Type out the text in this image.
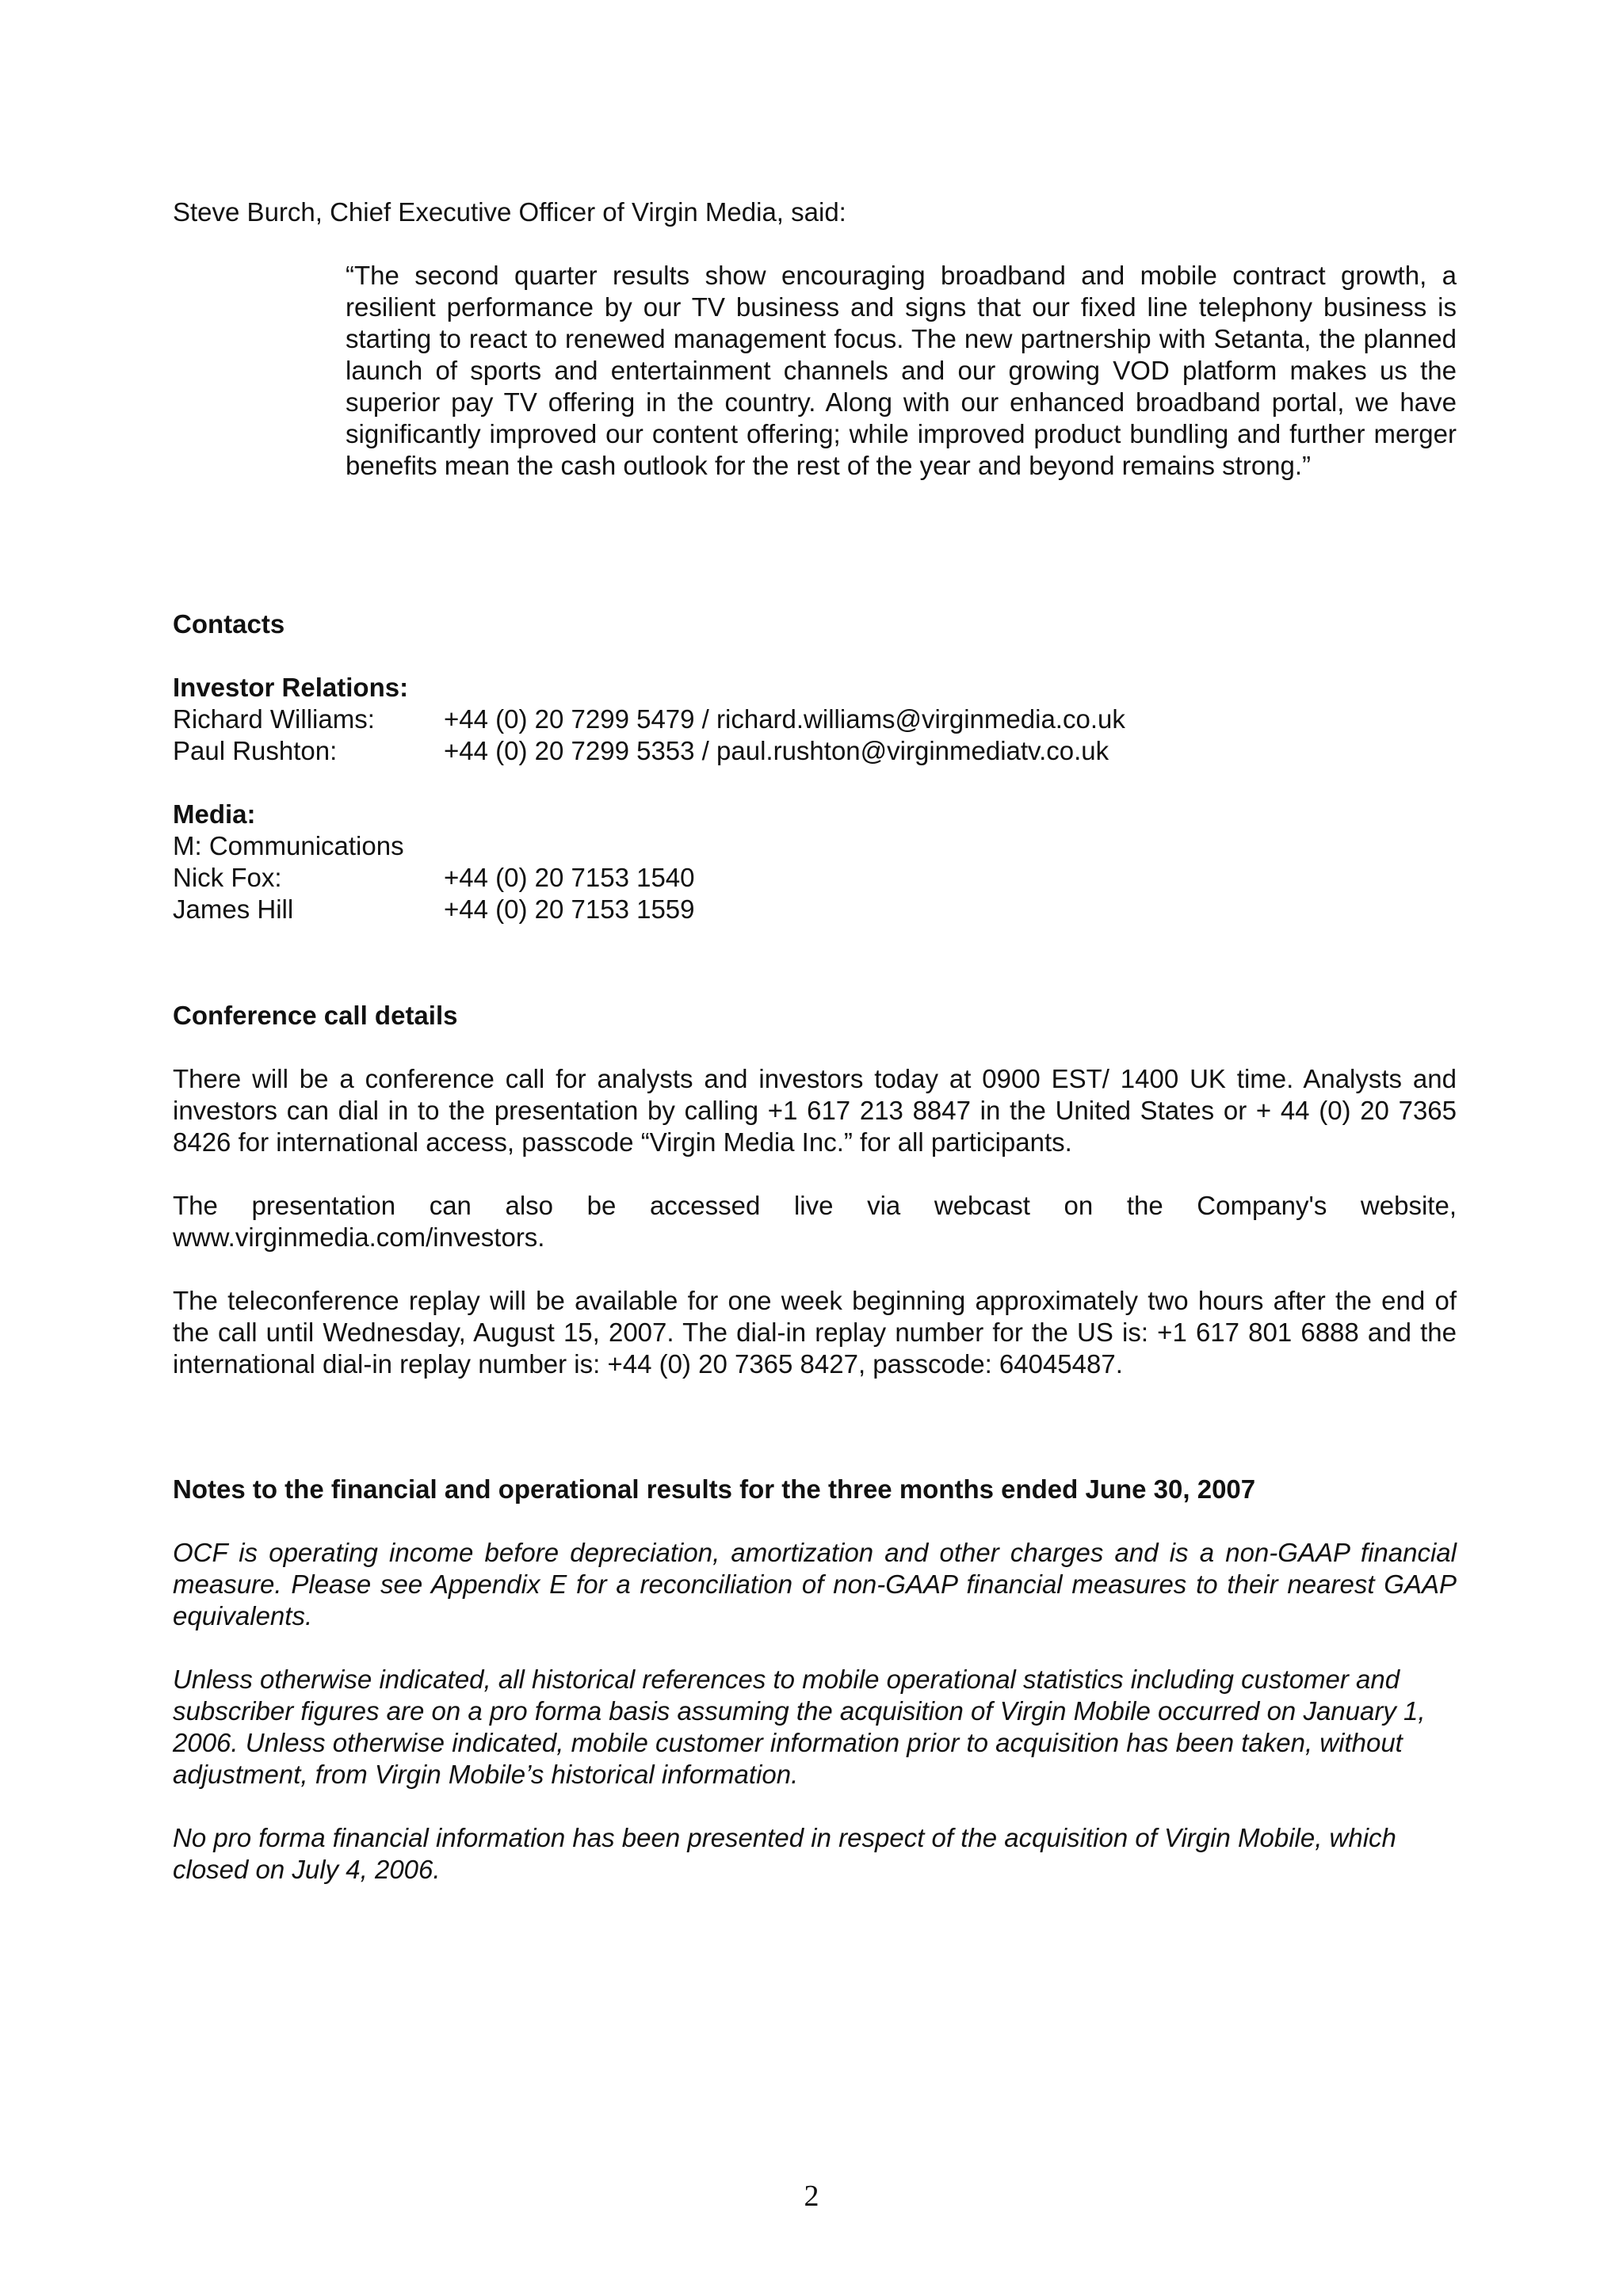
Steve Burch, Chief Executive Officer of Virgin Media, said:

“The second quarter results show encouraging broadband and mobile contract growth, a resilient performance by our TV business and signs that our fixed line telephony business is starting to react to renewed management focus. The new partnership with Setanta, the planned launch of sports and entertainment channels and our growing VOD platform makes us the superior pay TV offering in the country. Along with our enhanced broadband portal, we have significantly improved our content offering; while improved product bundling and further merger benefits mean the cash outlook for the rest of the year and beyond remains strong.”

Contacts

Investor Relations:

Richard Williams:	+44 (0) 20 7299 5479 / richard.williams@virginmedia.co.uk
Paul Rushton:	+44 (0) 20 7299 5353 / paul.rushton@virginmediatv.co.uk

Media:

M: Communications

Nick Fox:	+44 (0) 20 7153 1540
James Hill	+44 (0) 20 7153 1559

Conference call details

There will be a conference call for analysts and investors today at 0900 EST/ 1400 UK time. Analysts and investors can dial in to the presentation by calling +1 617 213 8847 in the United States or + 44 (0) 20 7365 8426 for international access, passcode “Virgin Media Inc.” for all participants.

The presentation can also be accessed live via webcast on the Company's website, www.virginmedia.com/investors.

The teleconference replay will be available for one week beginning approximately two hours after the end of the call until Wednesday, August 15, 2007. The dial-in replay number for the US is: +1 617 801 6888 and the international dial-in replay number is: +44 (0) 20 7365 8427, passcode: 64045487.

Notes to the financial and operational results for the three months ended June 30, 2007

OCF is operating income before depreciation, amortization and other charges and is a non-GAAP financial measure. Please see Appendix E for a reconciliation of non-GAAP financial measures to their nearest GAAP equivalents.

Unless otherwise indicated, all historical references to mobile operational statistics including customer and subscriber figures are on a pro forma basis assuming the acquisition of Virgin Mobile occurred on January 1, 2006. Unless otherwise indicated, mobile customer information prior to acquisition has been taken, without adjustment, from Virgin Mobile’s historical information.

No pro forma financial information has been presented in respect of the acquisition of Virgin Mobile, which closed on July 4, 2006.

2
